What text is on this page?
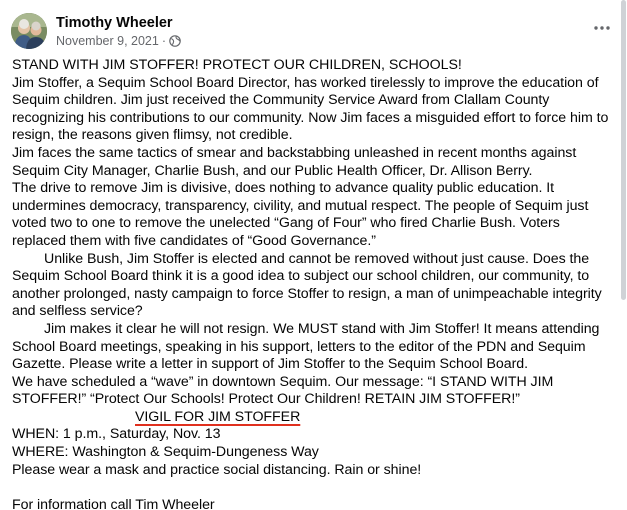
Timothy Wheeler
November 9, 2021 ·

STAND WITH JIM STOFFER! PROTECT OUR CHILDREN, SCHOOLS!

Jim Stoffer, a Sequim School Board Director, has worked tirelessly to improve the education of Sequim children. Jim just received the Community Service Award from Clallam County recognizing his contributions to our community. Now Jim faces a misguided effort to force him to resign, the reasons given flimsy, not credible.

Jim faces the same tactics of smear and backstabbing unleashed in recent months against Sequim City Manager, Charlie Bush, and our Public Health Officer, Dr. Allison Berry.

The drive to remove Jim is divisive, does nothing to advance quality public education. It undermines democracy, transparency, civility, and mutual respect. The people of Sequim just voted two to one to remove the unelected “Gang of Four” who fired Charlie Bush. Voters replaced them with five candidates of “Good Governance.”

Unlike Bush, Jim Stoffer is elected and cannot be removed without just cause. Does the Sequim School Board think it is a good idea to subject our school children, our community, to another prolonged, nasty campaign to force Stoffer to resign, a man of unimpeachable integrity and selfless service?

Jim makes it clear he will not resign. We MUST stand with Jim Stoffer! It means attending School Board meetings, speaking in his support, letters to the editor of the PDN and Sequim Gazette. Please write a letter in support of Jim Stoffer to the Sequim School Board.

We have scheduled a “wave” in downtown Sequim. Our message: “I STAND WITH JIM STOFFER!” “Protect Our Schools! Protect Our Children! RETAIN JIM STOFFER!”

VIGIL FOR JIM STOFFER

WHEN: 1 p.m., Saturday, Nov. 13

WHERE: Washington & Sequim-Dungeness Way

Please wear a mask and practice social distancing. Rain or shine!

For information call Tim Wheeler
